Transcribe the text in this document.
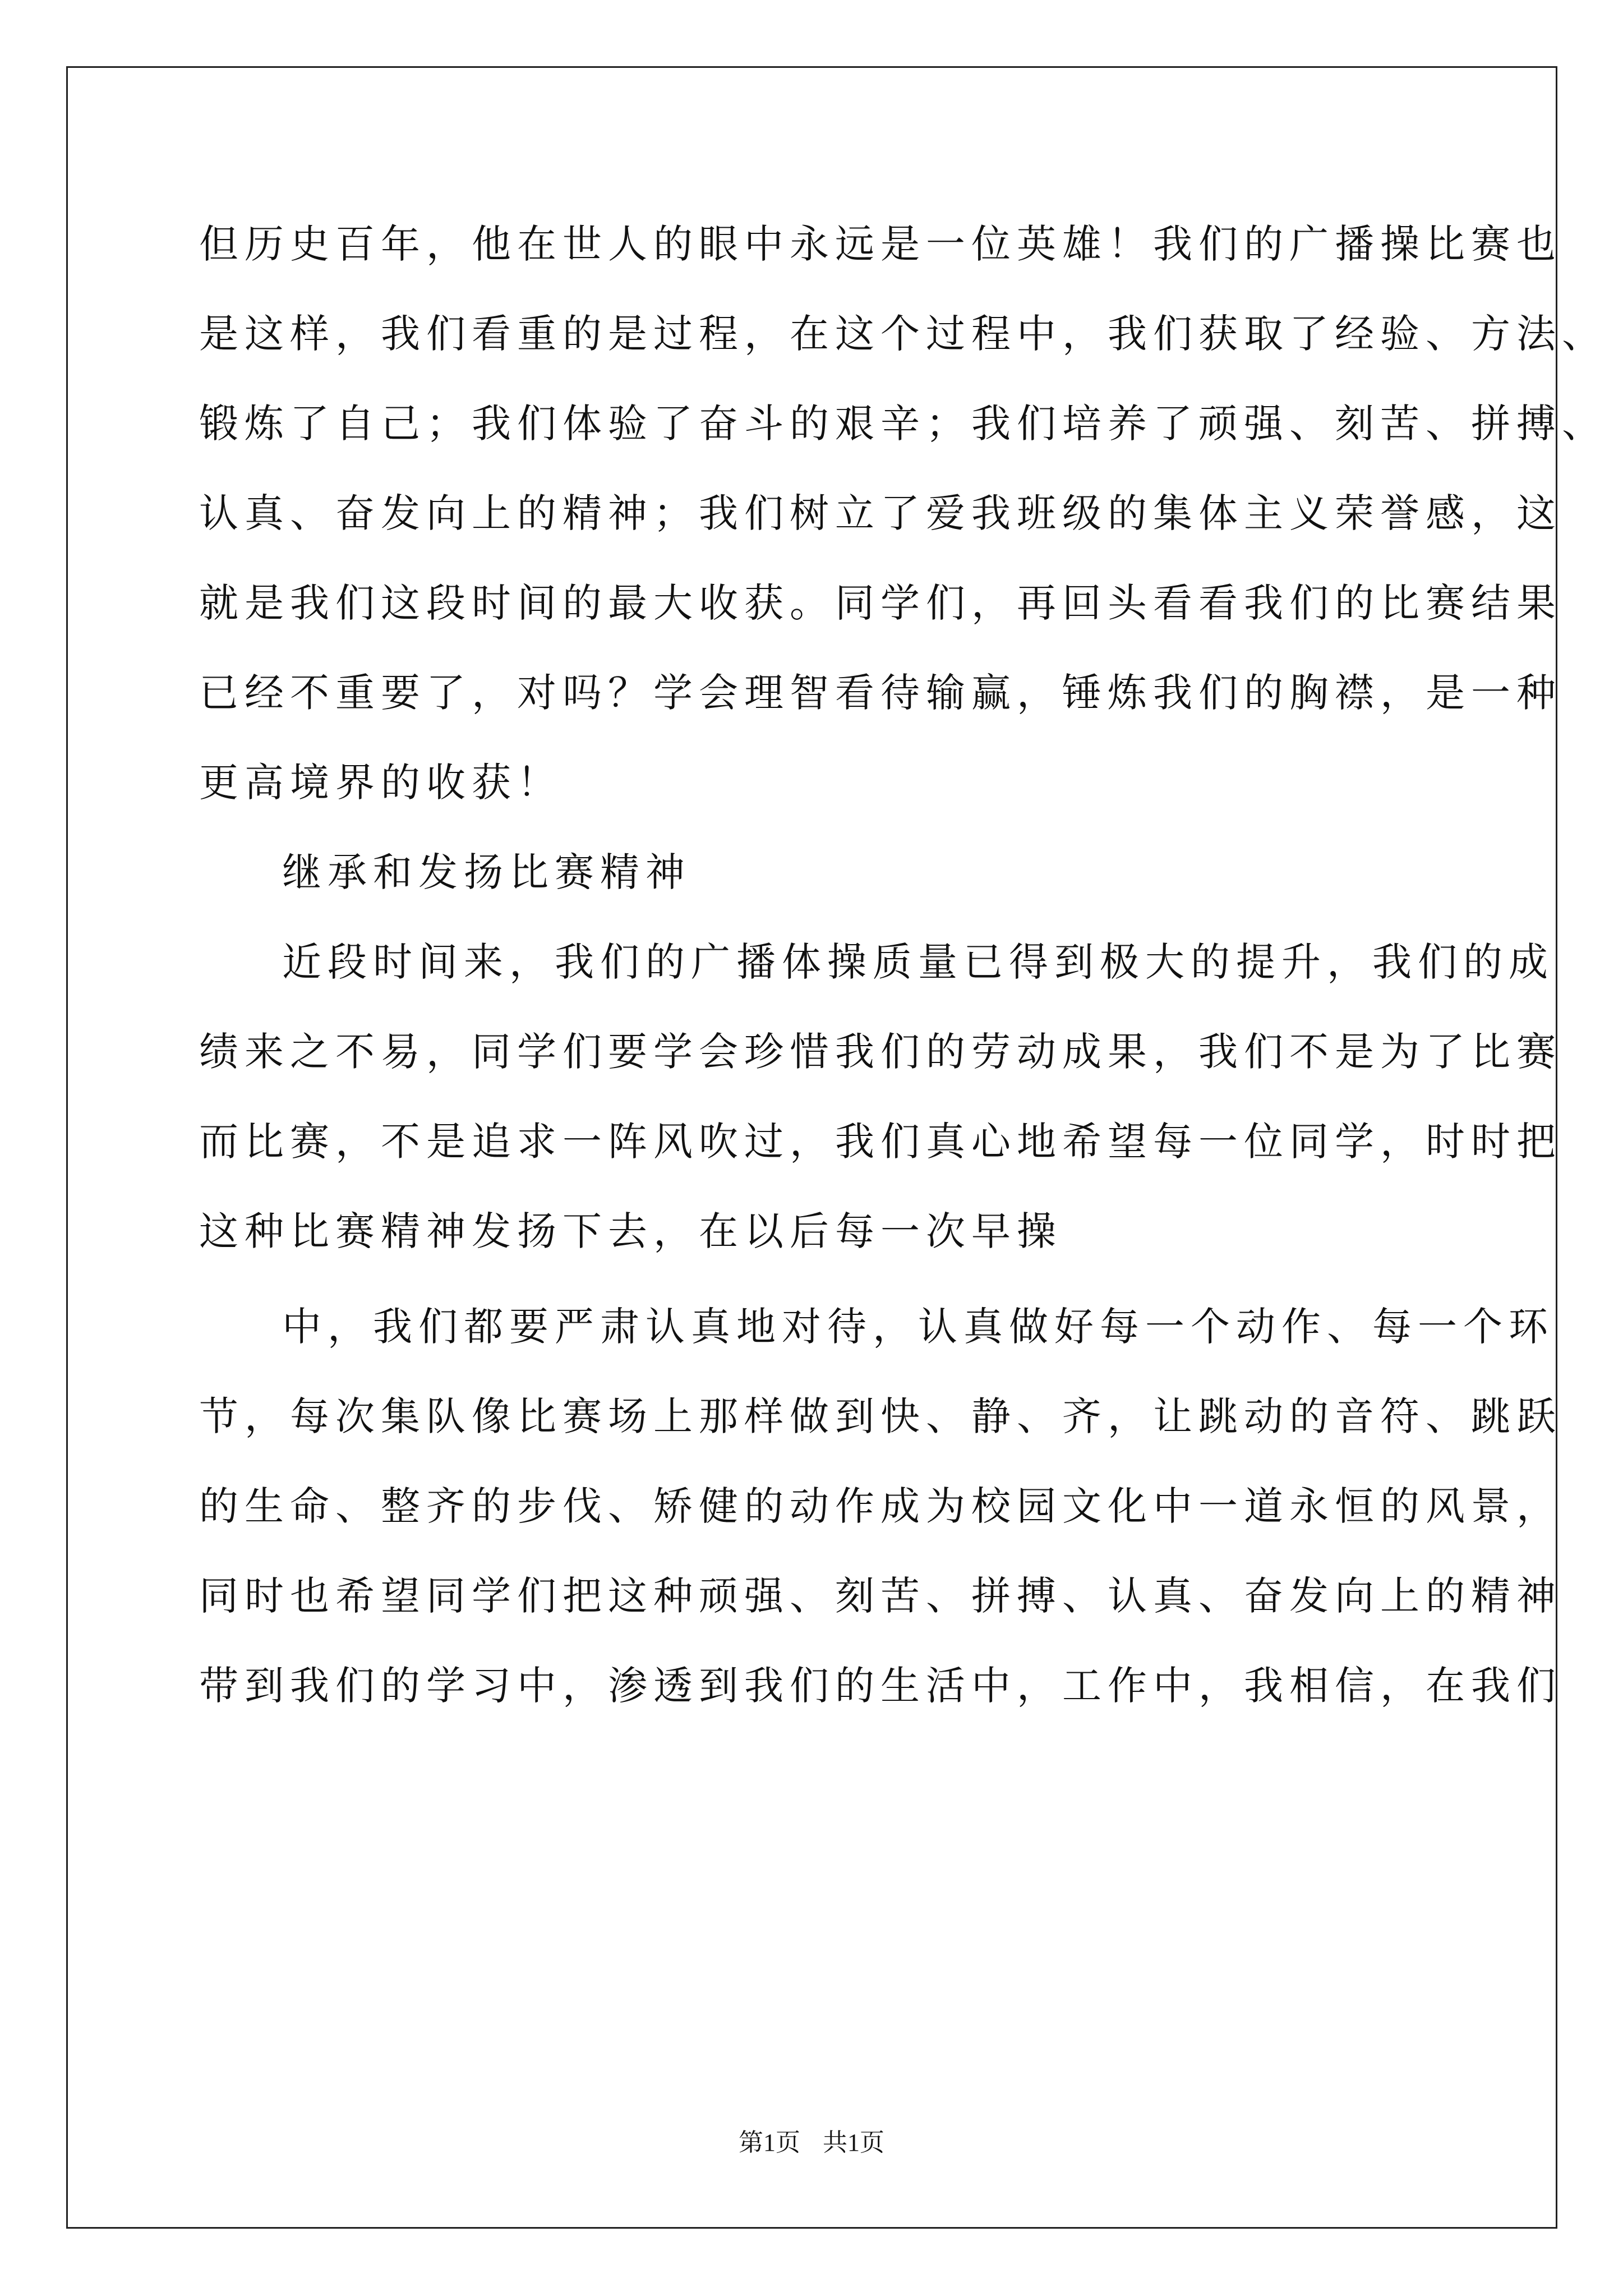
但历史百年，他在世人的眼中永远是一位英雄！我们的广播操比赛也
是这样，我们看重的是过程，在这个过程中，我们获取了经验、方法、
锻炼了自己；我们体验了奋斗的艰辛；我们培养了顽强、刻苦、拼搏、
认真、奋发向上的精神；我们树立了爱我班级的集体主义荣誉感，这
就是我们这段时间的最大收获。同学们，再回头看看我们的比赛结果
已经不重要了，对吗？学会理智看待输赢，锤炼我们的胸襟，是一种
更高境界的收获！
继承和发扬比赛精神
近段时间来，我们的广播体操质量已得到极大的提升，我们的成
绩来之不易，同学们要学会珍惜我们的劳动成果，我们不是为了比赛
而比赛，不是追求一阵风吹过，我们真心地希望每一位同学，时时把
这种比赛精神发扬下去，在以后每一次早操
中，我们都要严肃认真地对待，认真做好每一个动作、每一个环
节，每次集队像比赛场上那样做到快、静、齐，让跳动的音符、跳跃
的生命、整齐的步伐、矫健的动作成为校园文化中一道永恒的风景，
同时也希望同学们把这种顽强、刻苦、拼搏、认真、奋发向上的精神
带到我们的学习中，渗透到我们的生活中，工作中，我相信，在我们
第1页 共1页
